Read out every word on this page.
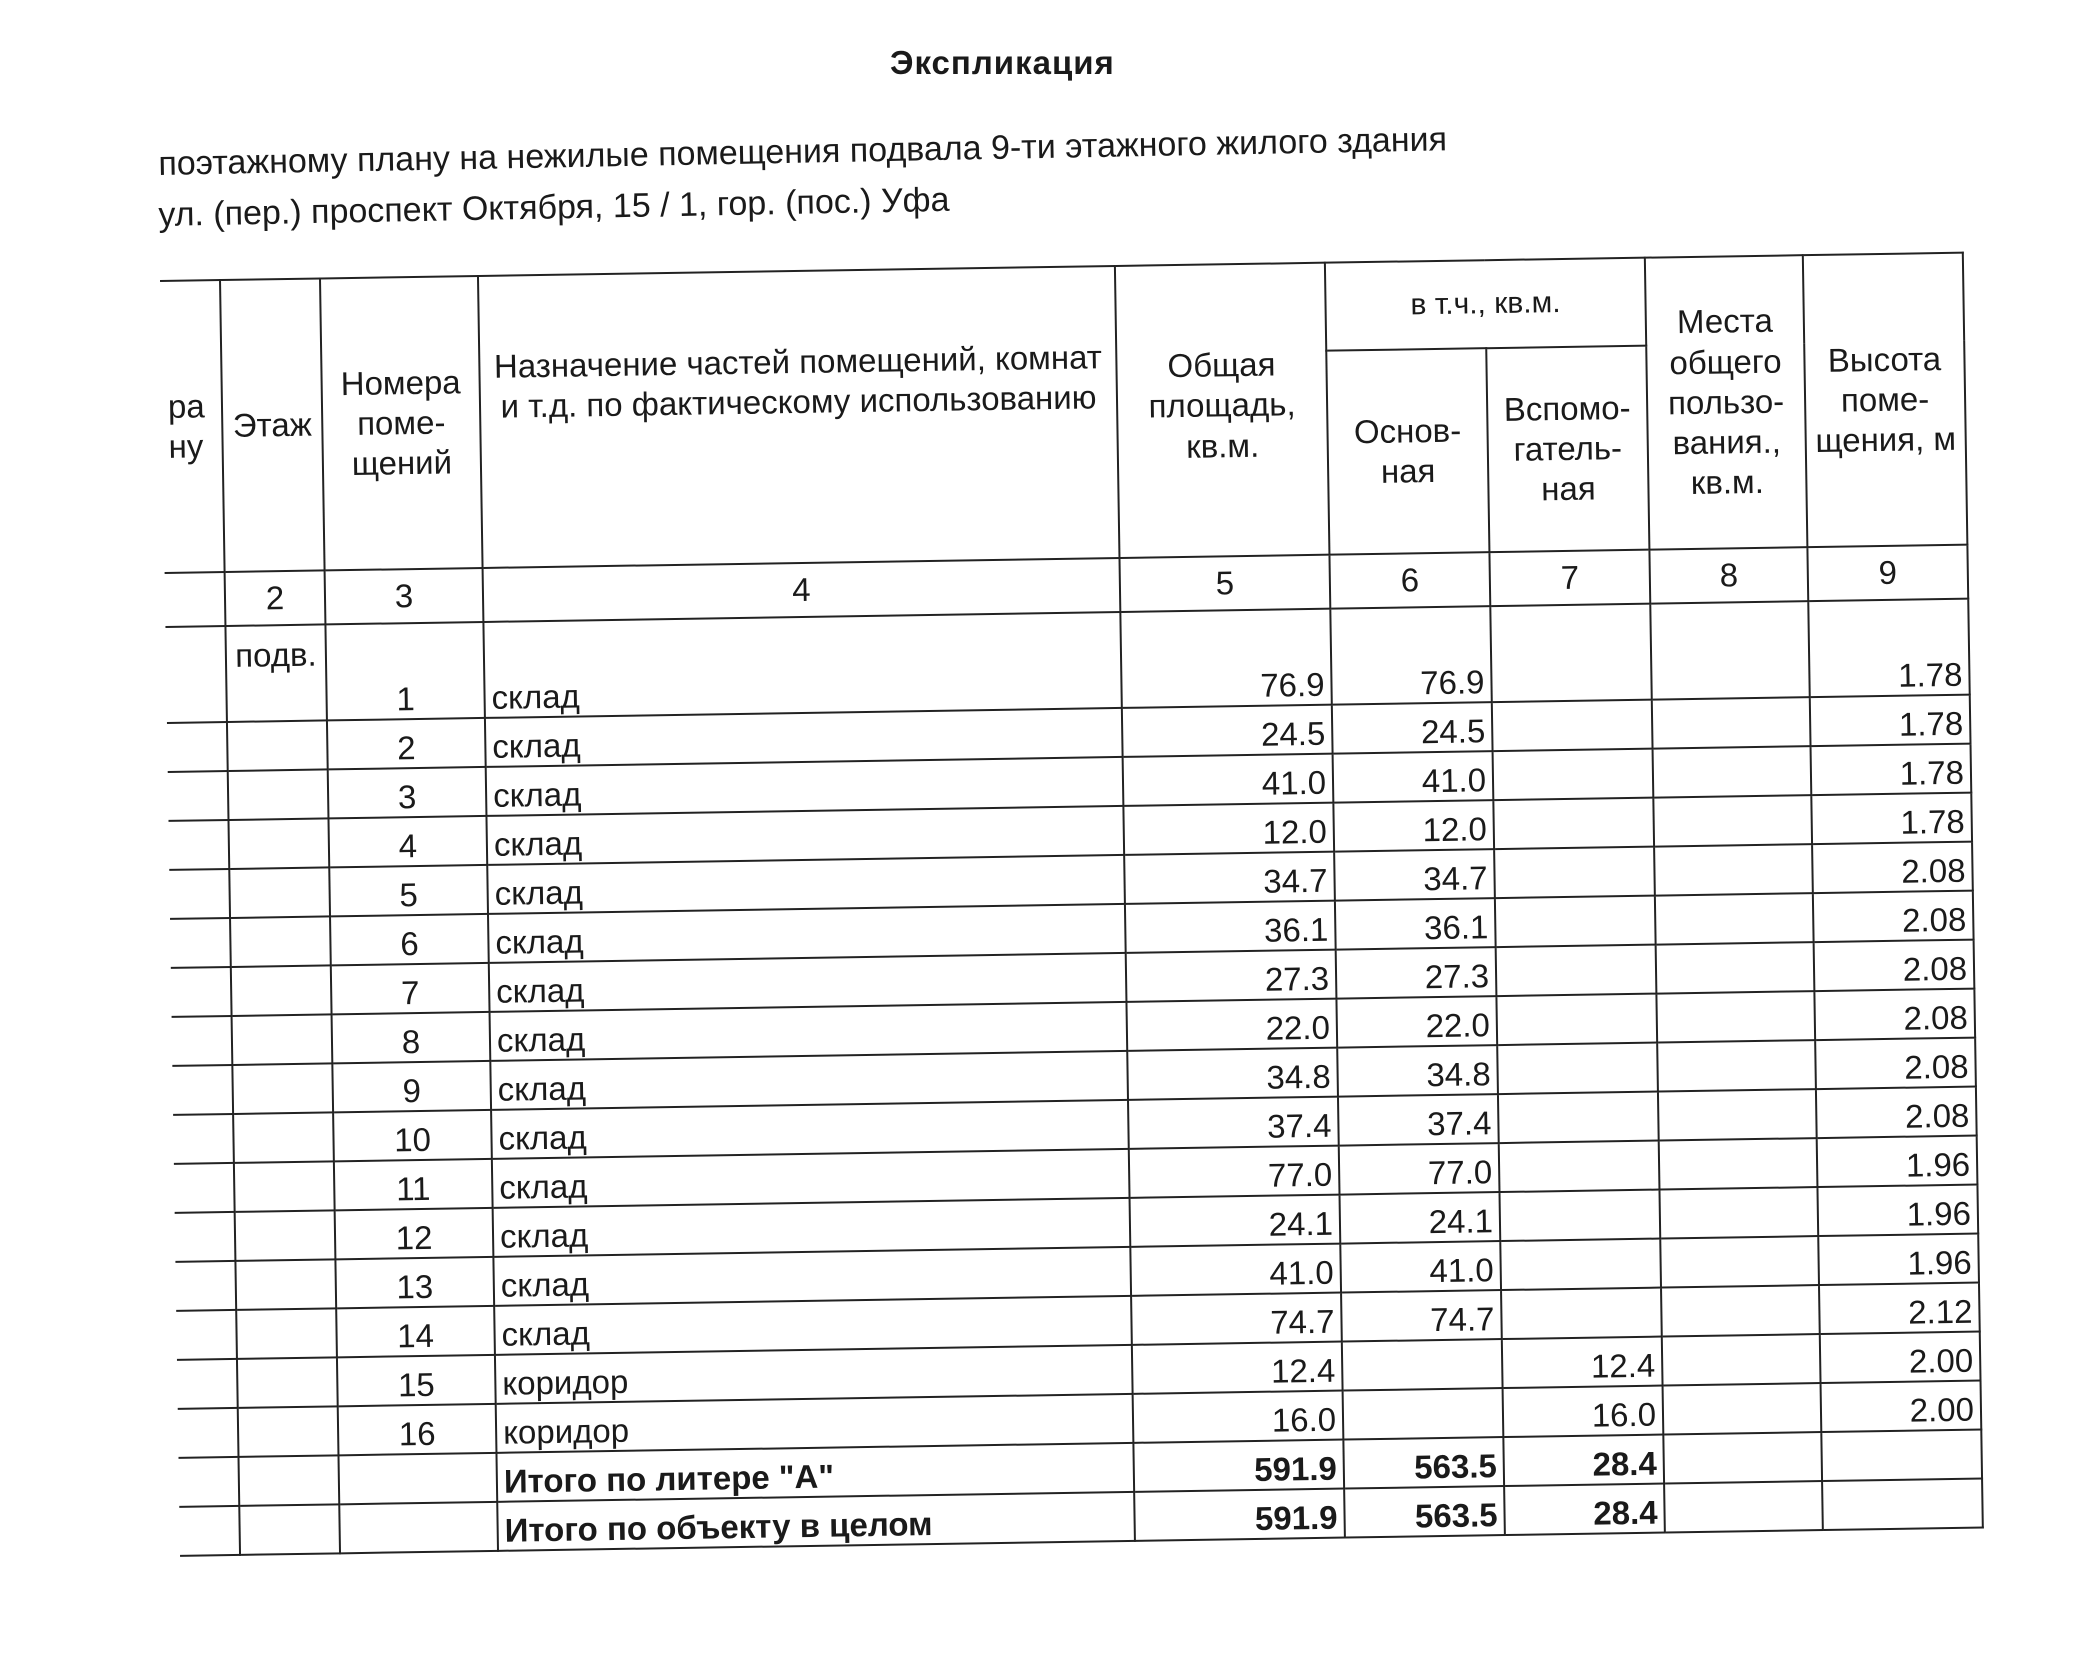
Экспликация
поэтажному плану на нежилые помещения подвала 9-ти этажного жилого здания
ул. (пер.) проспект Октября, 15 / 1, гор. (пос.) Уфа
ра ну	Этаж	Номера поме-щений	Назначение частей помещений, комнат и т.д. по фактическому использованию	Общая площадь, кв.м.	в т.ч., кв.м.		Места общего пользо-вания., кв.м.	Высота поме-щения, м
					Основ-ная	Вспомо-гатель-ная		
	2	3	4	5	6	7	8	9
	подв.	1	склад	76.9	76.9			1.78
		2	склад	24.5	24.5			1.78
		3	склад	41.0	41.0			1.78
		4	склад	12.0	12.0			1.78
		5	склад	34.7	34.7			2.08
		6	склад	36.1	36.1			2.08
		7	склад	27.3	27.3			2.08
		8	склад	22.0	22.0			2.08
		9	склад	34.8	34.8			2.08
		10	склад	37.4	37.4			2.08
		11	склад	77.0	77.0			1.96
		12	склад	24.1	24.1			1.96
		13	склад	41.0	41.0			1.96
		14	склад	74.7	74.7			2.12
		15	коридор	12.4		12.4		2.00
		16	коридор	16.0		16.0		2.00
			Итого по литере "А"	591.9	563.5	28.4		
			Итого по объекту в целом	591.9	563.5	28.4		
